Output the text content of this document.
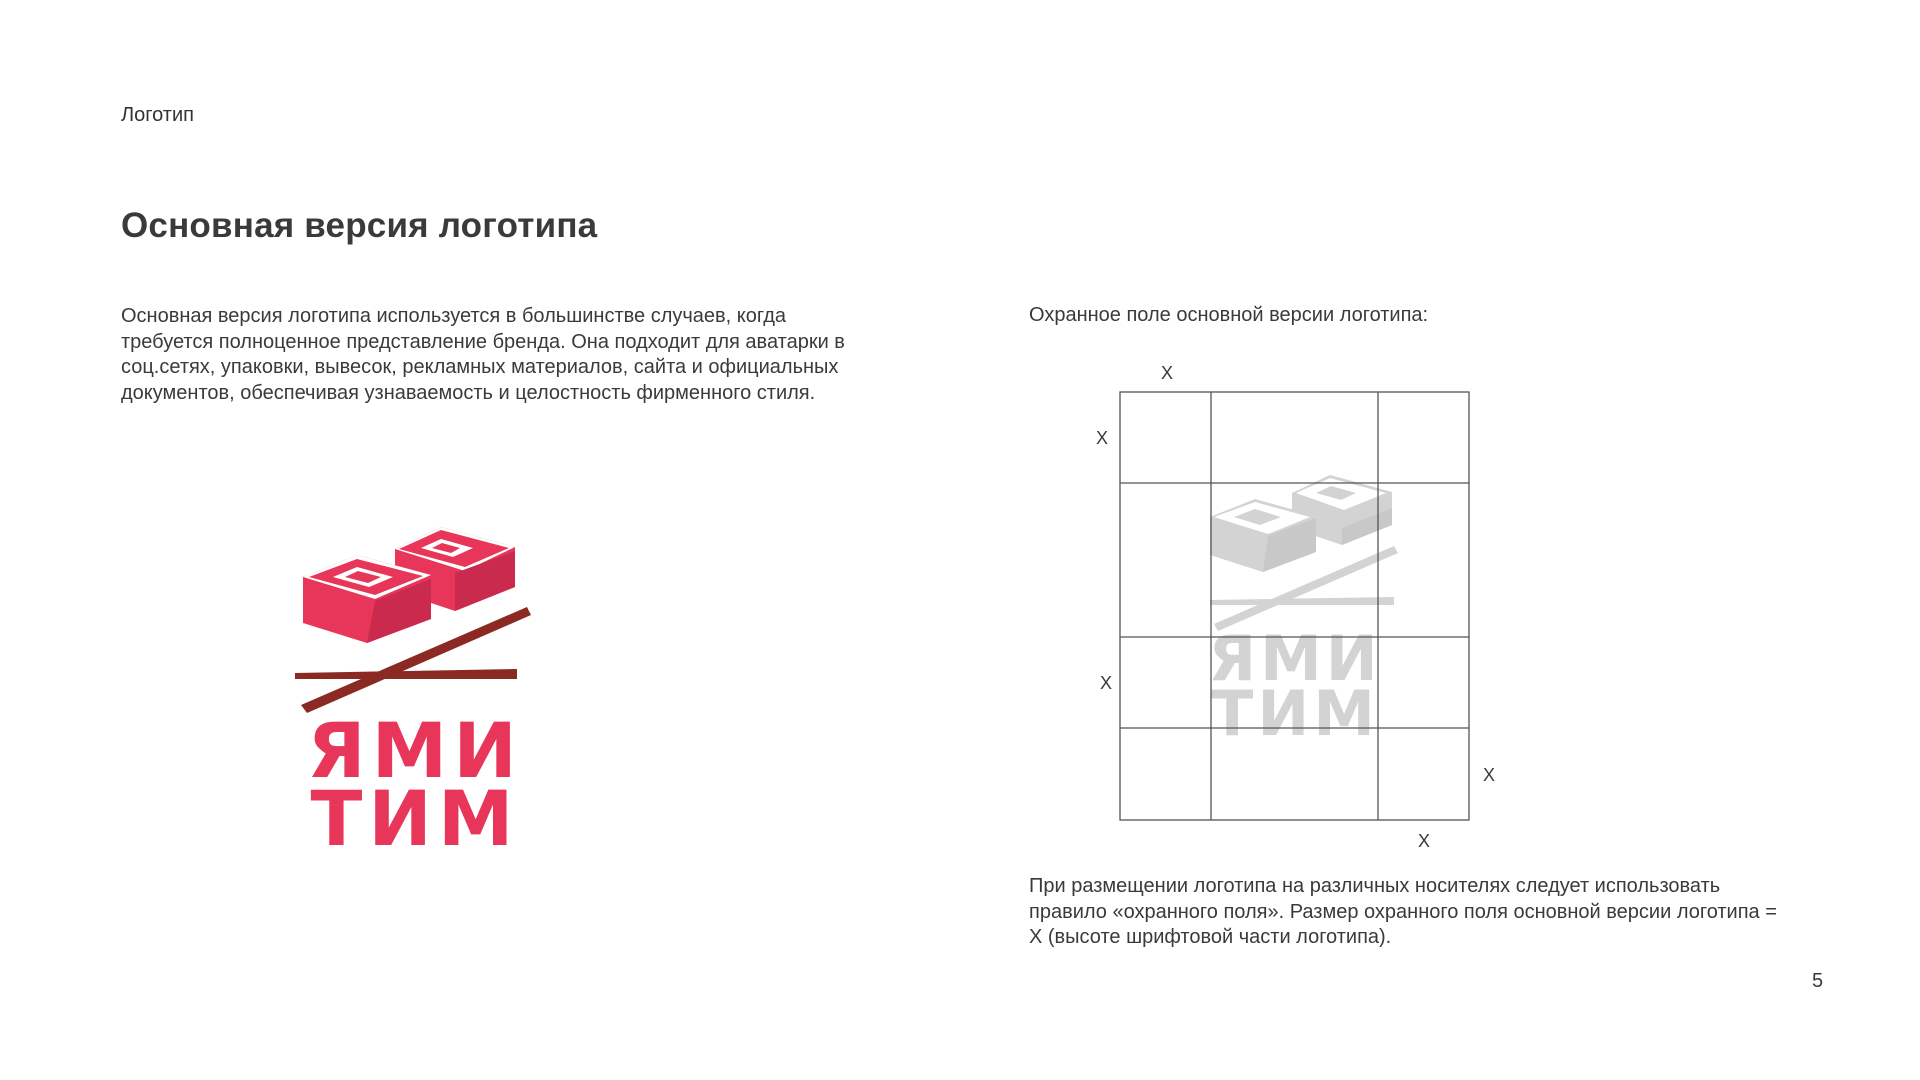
Логотип
Основная версия логотипа

Основная версия логотипа используется в большинстве случаев, когда требуется полноценное представление бренда. Она подходит для аватарки в соц.сетях, упаковки, вывесок, рекламных материалов, сайта и официальных документов, обеспечивая узнаваемость и целостность фирменного стиля.

ЯМИ
ТИМ

Охранное поле основной версии логотипа:

ЯМИ
ТИМ
X
X
X
X
X

При размещении логотипа на различных носителях следует использовать правило «охранного поля». Размер охранного поля основной версии логотипа = X (высоте шрифтовой части логотипа).

5
